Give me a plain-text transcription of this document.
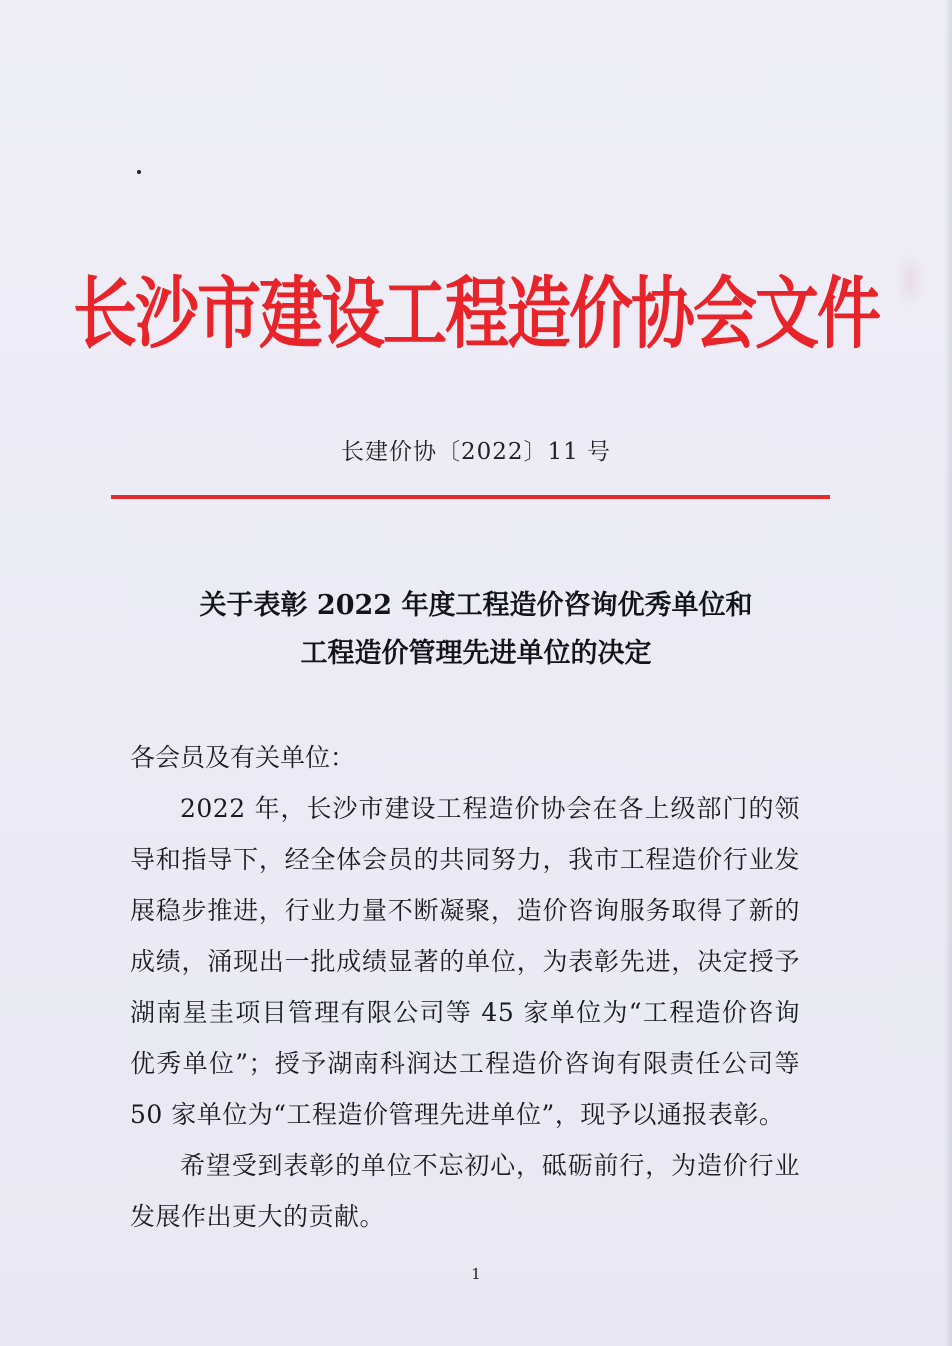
长沙市建设工程造价协会文件
长建价协〔2022〕11 号
关于表彰 2022 年度工程造价咨询优秀单位和
工程造价管理先进单位的决定
各会员及有关单位：
2022 年，长沙市建设工程造价协会在各上级部门的领导和指导下，经全体会员的共同努力，我市工程造价行业发展稳步推进，行业力量不断凝聚，造价咨询服务取得了新的成绩，涌现出一批成绩显著的单位，为表彰先进，决定授予湖南星圭项目管理有限公司等 45 家单位为“工程造价咨询优秀单位”；授予湖南科润达工程造价咨询有限责任公司等 50 家单位为“工程造价管理先进单位”，现予以通报表彰。
希望受到表彰的单位不忘初心，砥砺前行，为造价行业发展作出更大的贡献。
1
